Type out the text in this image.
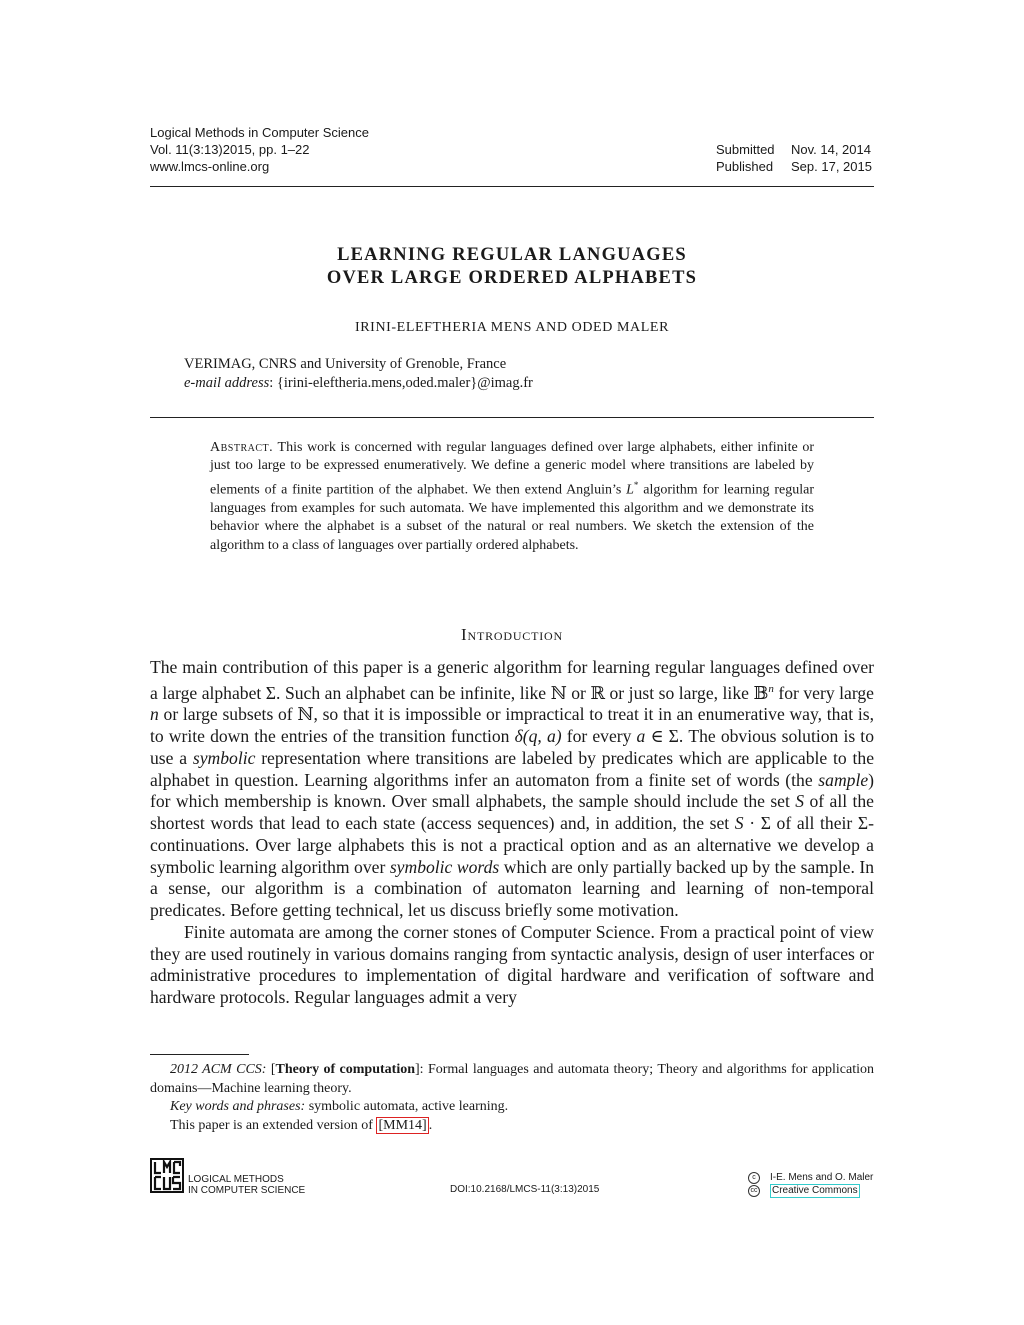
Logical Methods in Computer Science
Vol. 11(3:13)2015, pp. 1–22
www.lmcs-online.org
Submitted	Nov. 14, 2014
Published	Sep. 17, 2015
LEARNING REGULAR LANGUAGES
OVER LARGE ORDERED ALPHABETS
IRINI-ELEFTHERIA MENS AND ODED MALER
VERIMAG, CNRS and University of Grenoble, France
e-mail address: {irini-eleftheria.mens,oded.maler}@imag.fr
Abstract. This work is concerned with regular languages defined over large alphabets, either infinite or just too large to be expressed enumeratively. We define a generic model where transitions are labeled by elements of a finite partition of the alphabet. We then extend Angluin’s L* algorithm for learning regular languages from examples for such automata. We have implemented this algorithm and we demonstrate its behavior where the alphabet is a subset of the natural or real numbers. We sketch the extension of the algorithm to a class of languages over partially ordered alphabets.
Introduction

The main contribution of this paper is a generic algorithm for learning regular languages defined over a large alphabet Σ. Such an alphabet can be infinite, like ℕ or ℝ or just so large, like 𝔹$^n$ for very large n or large subsets of ℕ, so that it is impossible or impractical to treat it in an enumerative way, that is, to write down the entries of the transition function δ(q, a) for every a ∈ Σ. The obvious solution is to use a symbolic representation where transitions are labeled by predicates which are applicable to the alphabet in question. Learning algorithms infer an automaton from a finite set of words (the sample) for which membership is known. Over small alphabets, the sample should include the set S of all the shortest words that lead to each state (access sequences) and, in addition, the set S · Σ of all their Σ-continuations. Over large alphabets this is not a practical option and as an alternative we develop a symbolic learning algorithm over symbolic words which are only partially backed up by the sample. In a sense, our algorithm is a combination of automaton learning and learning of non-temporal predicates. Before getting technical, let us discuss briefly some motivation.

Finite automata are among the corner stones of Computer Science. From a practical point of view they are used routinely in various domains ranging from syntactic analysis, design of user interfaces or administrative procedures to implementation of digital hardware and verification of software and hardware protocols. Regular languages admit a very

2012 ACM CCS: [Theory of computation]: Formal languages and automata theory; Theory and algorithms for application domains—Machine learning theory.

Key words and phrases: symbolic automata, active learning.

This paper is an extended version of [MM14] .

LOGICAL METHODS
IN COMPUTER SCIENCE	DOI:10.2168/LMCS-11(3:13)2015
c	I-E. Mens and O. Maler
cc Creative Commons
